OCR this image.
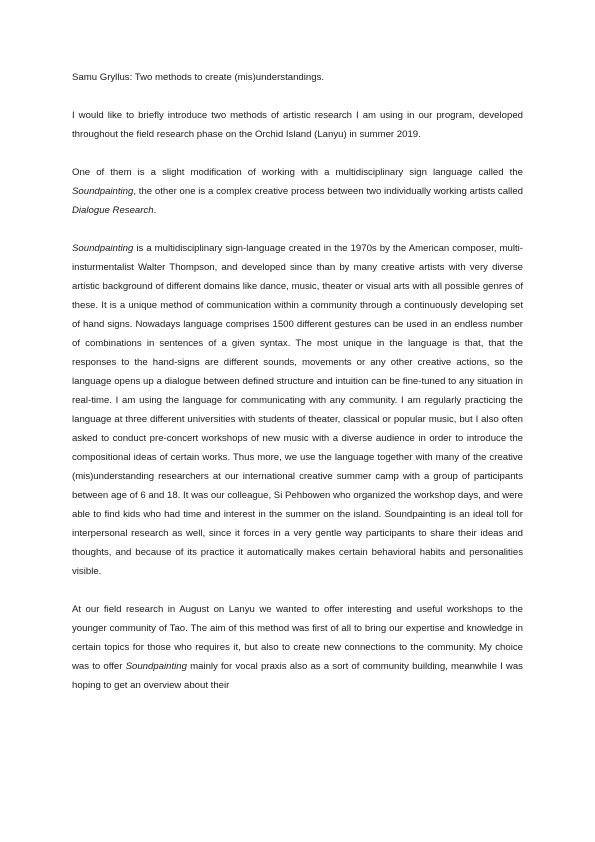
Samu Gryllus: Two methods to create (mis)understandings.

I would like to briefly introduce two methods of artistic research I am using in our program, developed throughout the field research phase on the Orchid Island (Lanyu) in summer 2019.

One of them is a slight modification of working with a multidisciplinary sign language called the Soundpainting, the other one is a complex creative process between two individually working artists called Dialogue Research.

Soundpainting is a multidisciplinary sign-language created in the 1970s by the American composer, multi-insturmentalist Walter Thompson, and developed since than by many creative artists with very diverse artistic background of different domains like dance, music, theater or visual arts with all possible genres of these. It is a unique method of communication within a community through a continuously developing set of hand signs. Nowadays language comprises 1500 different gestures can be used in an endless number of combinations in sentences of a given syntax. The most unique in the language is that, that the responses to the hand-signs are different sounds, movements or any other creative actions, so the language opens up a dialogue between defined structure and intuition can be fine-tuned to any situation in real-time. I am using the language for communicating with any community. I am regularly practicing the language at three different universities with students of theater, classical or popular music, but I also often asked to conduct pre-concert workshops of new music with a diverse audience in order to introduce the compositional ideas of certain works. Thus more, we use the language together with many of the creative (mis)understanding researchers at our international creative summer camp with a group of participants between age of 6 and 18. It was our colleague, Si Pehbowen who organized the workshop days, and were able to find kids who had time and interest in the summer on the island. Soundpainting is an ideal toll for interpersonal research as well, since it forces in a very gentle way participants to share their ideas and thoughts, and because of its practice it automatically makes certain behavioral habits and personalities visible.

At our field research in August on Lanyu we wanted to offer interesting and useful workshops to the younger community of Tao. The aim of this method was first of all to bring our expertise and knowledge in certain topics for those who requires it, but also to create new connections to the community. My choice was to offer Soundpainting mainly for vocal praxis also as a sort of community building, meanwhile I was hoping to get an overview about their
